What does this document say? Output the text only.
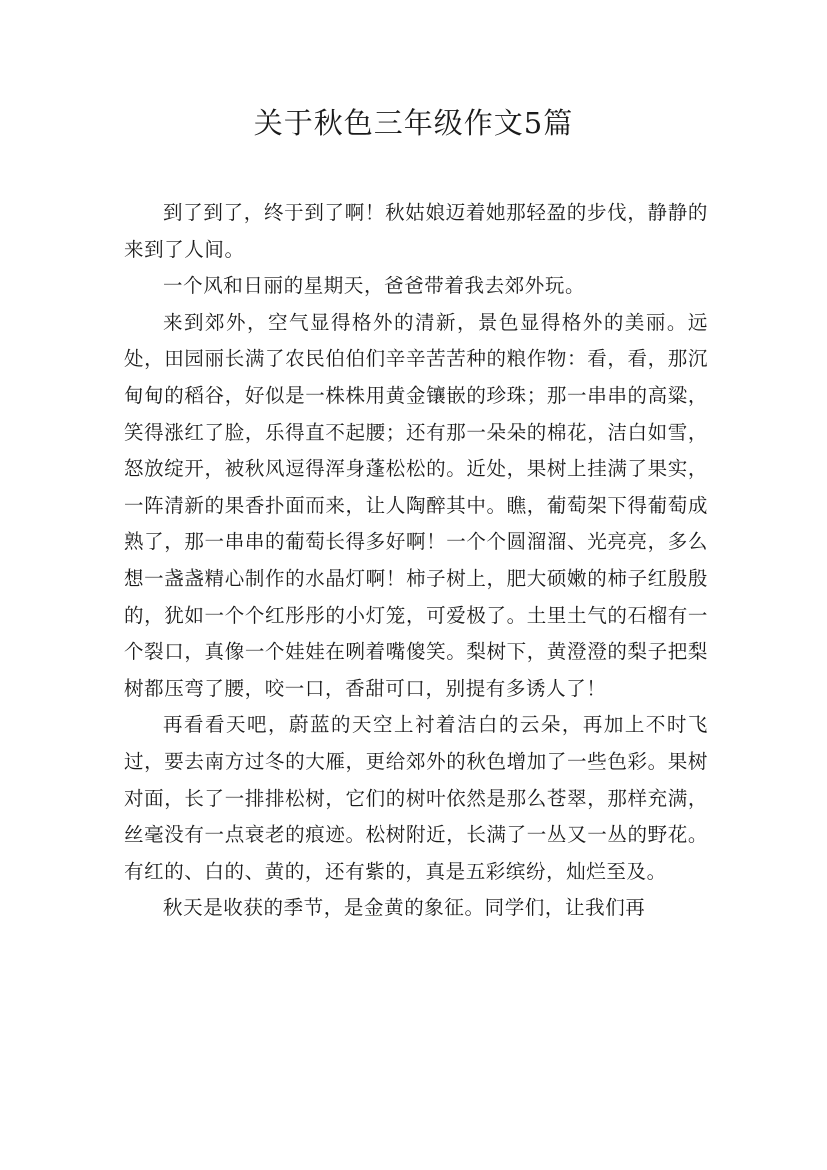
关于秋色三年级作文5篇

到了到了，终于到了啊！秋姑娘迈着她那轻盈的步伐，静静的来到了人间。

一个风和日丽的星期天，爸爸带着我去郊外玩。

来到郊外，空气显得格外的清新，景色显得格外的美丽。远处，田园丽长满了农民伯伯们辛辛苦苦种的粮作物：看，看，那沉甸甸的稻谷，好似是一株株用黄金镶嵌的珍珠；那一串串的高粱，笑得涨红了脸，乐得直不起腰；还有那一朵朵的棉花，洁白如雪，怒放绽开，被秋风逗得浑身蓬松松的。近处，果树上挂满了果实，一阵清新的果香扑面而来，让人陶醉其中。瞧，葡萄架下得葡萄成熟了，那一串串的葡萄长得多好啊！一个个圆溜溜、光亮亮，多么想一盏盏精心制作的水晶灯啊！柿子树上，肥大硕嫩的柿子红殷殷的，犹如一个个红彤彤的小灯笼，可爱极了。土里土气的石榴有一个裂口，真像一个娃娃在咧着嘴傻笑。梨树下，黄澄澄的梨子把梨树都压弯了腰，咬一口，香甜可口，别提有多诱人了！

再看看天吧，蔚蓝的天空上衬着洁白的云朵，再加上不时飞过，要去南方过冬的大雁，更给郊外的秋色增加了一些色彩。果树对面，长了一排排松树，它们的树叶依然是那么苍翠，那样充满，丝毫没有一点衰老的痕迹。松树附近，长满了一丛又一丛的野花。有红的、白的、黄的，还有紫的，真是五彩缤纷，灿烂至及。

秋天是收获的季节，是金黄的象征。同学们，让我们再
